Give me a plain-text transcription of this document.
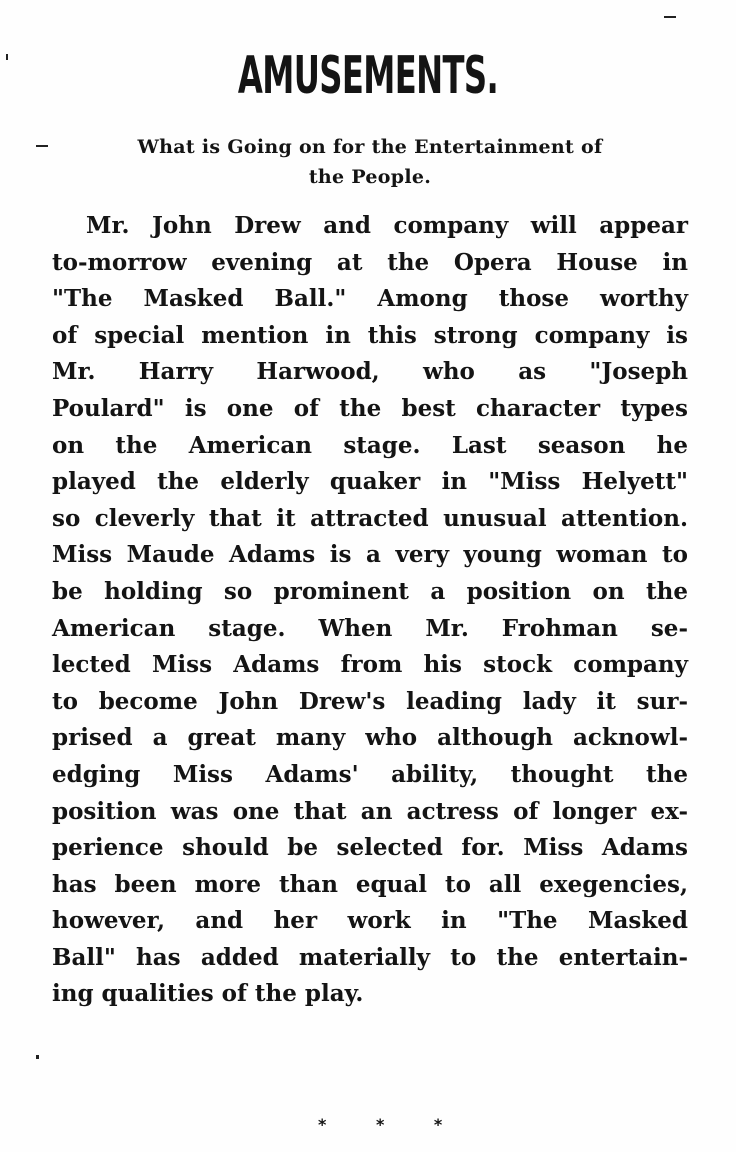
AMUSEMENTS.
What is Going on for the Entertainment of
the People.
Mr. John Drew and company will appear
to-morrow evening at the Opera House in
"The Masked Ball." Among those worthy
of special mention in this strong company is
Mr. Harry Harwood, who as "Joseph
Poulard" is one of the best character types
on the American stage. Last season he
played the elderly quaker in "Miss Helyett"
so cleverly that it attracted unusual attention.
Miss Maude Adams is a very young woman to
be holding so prominent a position on the
American stage. When Mr. Frohman se-
lected Miss Adams from his stock company
to become John Drew's leading lady it sur-
prised a great many who although acknowl-
edging Miss Adams' ability, thought the
position was one that an actress of longer ex-
perience should be selected for. Miss Adams
has been more than equal to all exegencies,
however, and her work in "The Masked
Ball" has added materially to the entertain-
ing qualities of the play.
* * *
